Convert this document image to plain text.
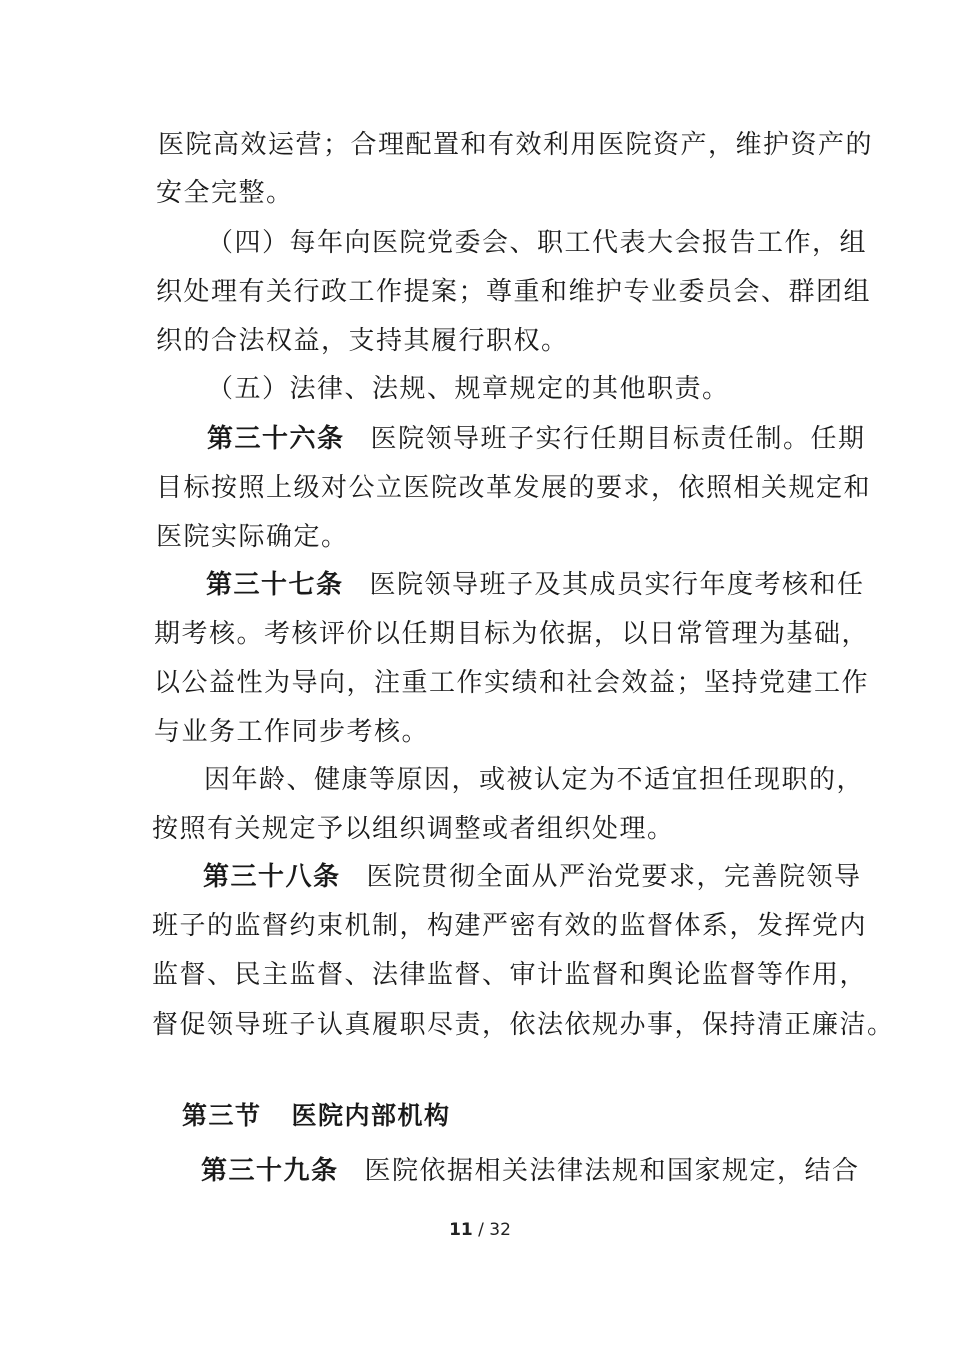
医院高效运营；合理配置和有效利用医院资产，维护资产的
安全完整。
（四）每年向医院党委会、职工代表大会报告工作，组
织处理有关行政工作提案；尊重和维护专业委员会、群团组
织的合法权益，支持其履行职权。
（五）法律、法规、规章规定的其他职责。
第三十六条 医院领导班子实行任期目标责任制。任期
目标按照上级对公立医院改革发展的要求，依照相关规定和
医院实际确定。
第三十七条 医院领导班子及其成员实行年度考核和任
期考核。考核评价以任期目标为依据，以日常管理为基础，
以公益性为导向，注重工作实绩和社会效益；坚持党建工作
与业务工作同步考核。
因年龄、健康等原因，或被认定为不适宜担任现职的，
按照有关规定予以组织调整或者组织处理。
第三十八条 医院贯彻全面从严治党要求，完善院领导
班子的监督约束机制，构建严密有效的监督体系，发挥党内
监督、民主监督、法律监督、审计监督和舆论监督等作用，
督促领导班子认真履职尽责，依法依规办事，保持清正廉洁。
第三节 医院内部机构
第三十九条 医院依据相关法律法规和国家规定，结合
11 / 32
